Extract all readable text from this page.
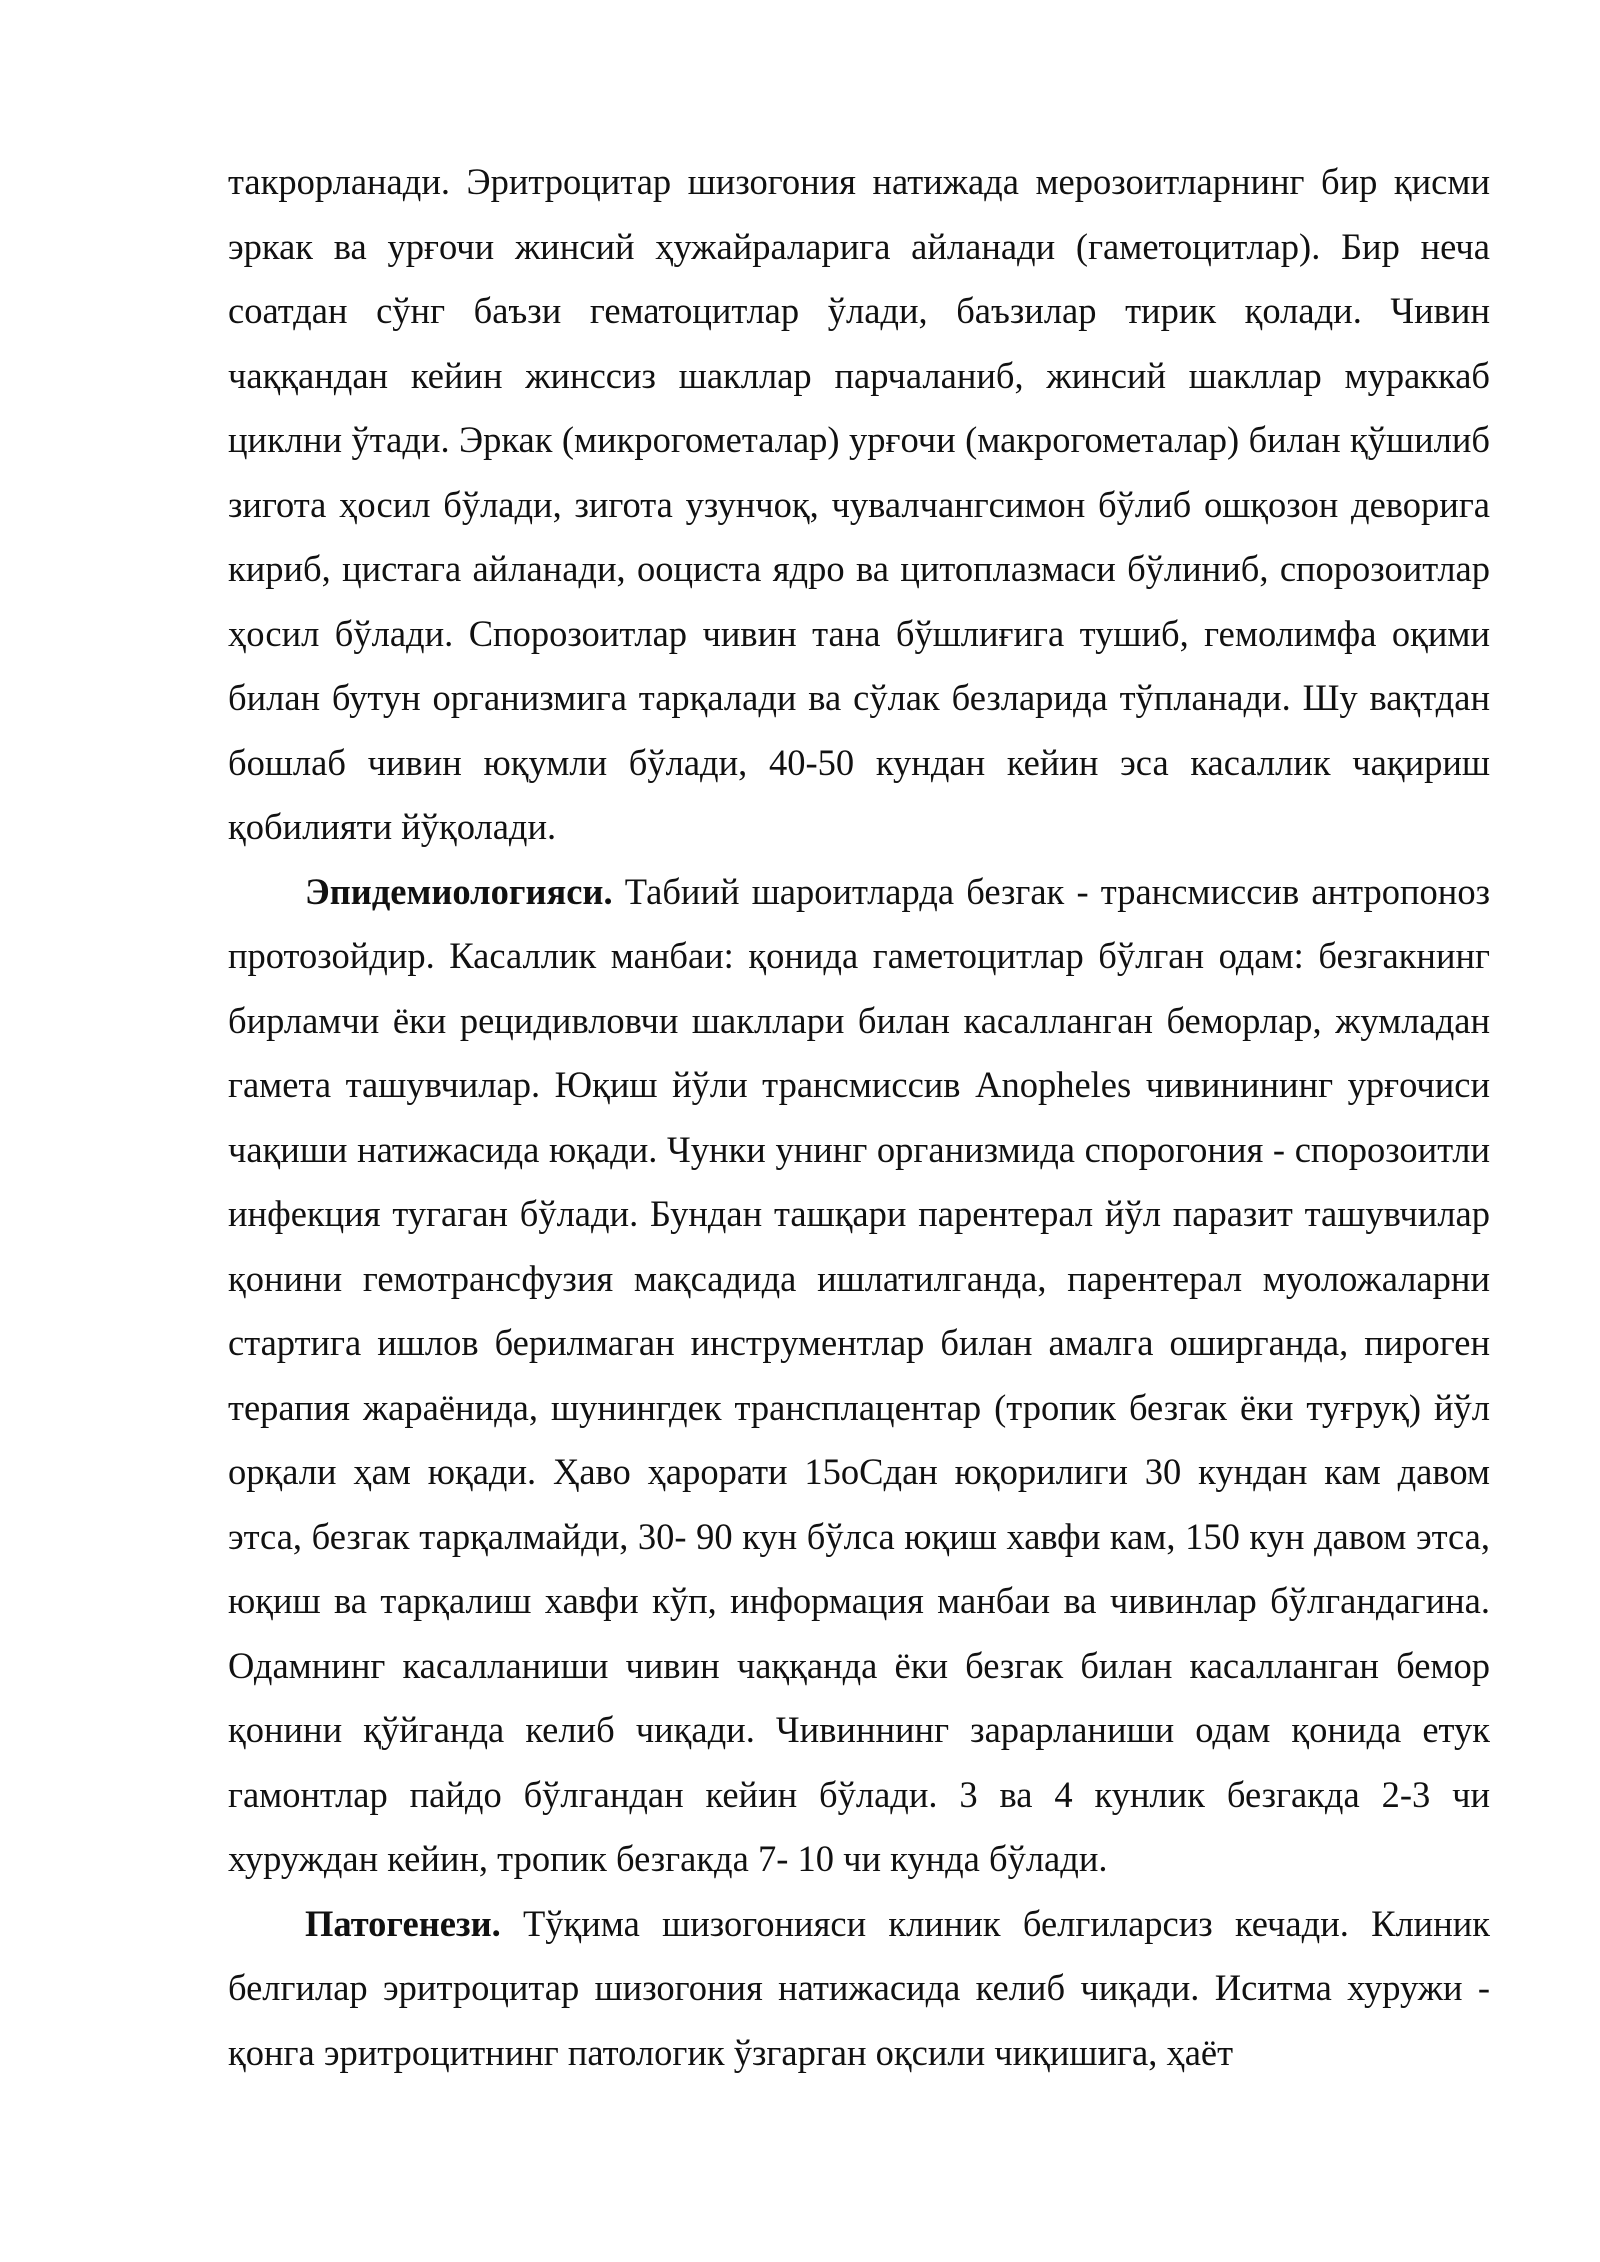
такрорланади. Эритроцитар шизогония натижада мерозоитларнинг бир қисми эркак ва урғочи жинсий ҳужайраларига айланади (гаметоцитлар). Бир неча соатдан сўнг баъзи гематоцитлар ўлади, баъзилар тирик қолади. Чивин чаққандан кейин жинссиз шакллар парчаланиб, жинсий шакллар мураккаб циклни ўтади. Эркак (микрогометалар) урғочи (макрогометалар) билан қўшилиб зигота ҳосил бўлади, зигота узунчоқ, чувалчангсимон бўлиб ошқозон деворига кириб, цистага айланади, ооциста ядро ва цитоплазмаси бўлиниб, спорозоитлар ҳосил бўлади. Спорозоитлар чивин тана бўшлиғига тушиб, гемолимфа оқими билан бутун организмига тарқалади ва сўлак безларида тўпланади. Шу вақтдан бошлаб чивин юқумли бўлади, 40-50 кундан кейин эса касаллик чақириш қобилияти йўқолади.

Эпидемиологияси. Табиий шароитларда безгак - трансмиссив антропоноз протозойдир. Касаллик манбаи: қонида гаметоцитлар бўлган одам: безгакнинг бирламчи ёки рецидивловчи шакллари билан касалланган беморлар, жумладан гамета ташувчилар. Юқиш йўли трансмиссив Anopheles чивинининг урғочиси чақиши натижасида юқади. Чунки унинг организмида спорогония - спорозоитли инфекция тугаган бўлади. Бундан ташқари парентерал йўл паразит ташувчилар қонини гемотрансфузия мақсадида ишлатилганда, парентерал муоложаларни стартига ишлов берилмаган инструментлар билан амалга оширганда, пироген терапия жараёнида, шунингдек трансплацентар (тропик безгак ёки туғруқ) йўл орқали ҳам юқади. Ҳаво ҳарорати 15оСдан юқорилиги 30 кундан кам давом этса, безгак тарқалмайди, 30- 90 кун бўлса юқиш хавфи кам, 150 кун давом этса, юқиш ва тарқалиш хавфи кўп, информация манбаи ва чивинлар бўлгандагина. Одамнинг касалланиши чивин чаққанда ёки безгак билан касалланган бемор қонини қўйганда келиб чиқади. Чивиннинг зарарланиши одам қонида етук гамонтлар пайдо бўлгандан кейин бўлади. 3 ва 4 кунлик безгакда 2-3 чи хуруждан кейин, тропик безгакда 7- 10 чи кунда бўлади.

Патогенези. Тўқима шизогонияси клиник белгиларсиз кечади. Клиник белгилар эритроцитар шизогония натижасида келиб чиқади. Иситма хуружи - қонга эритроцитнинг патологик ўзгарган оқсили чиқишига, ҳаёт
